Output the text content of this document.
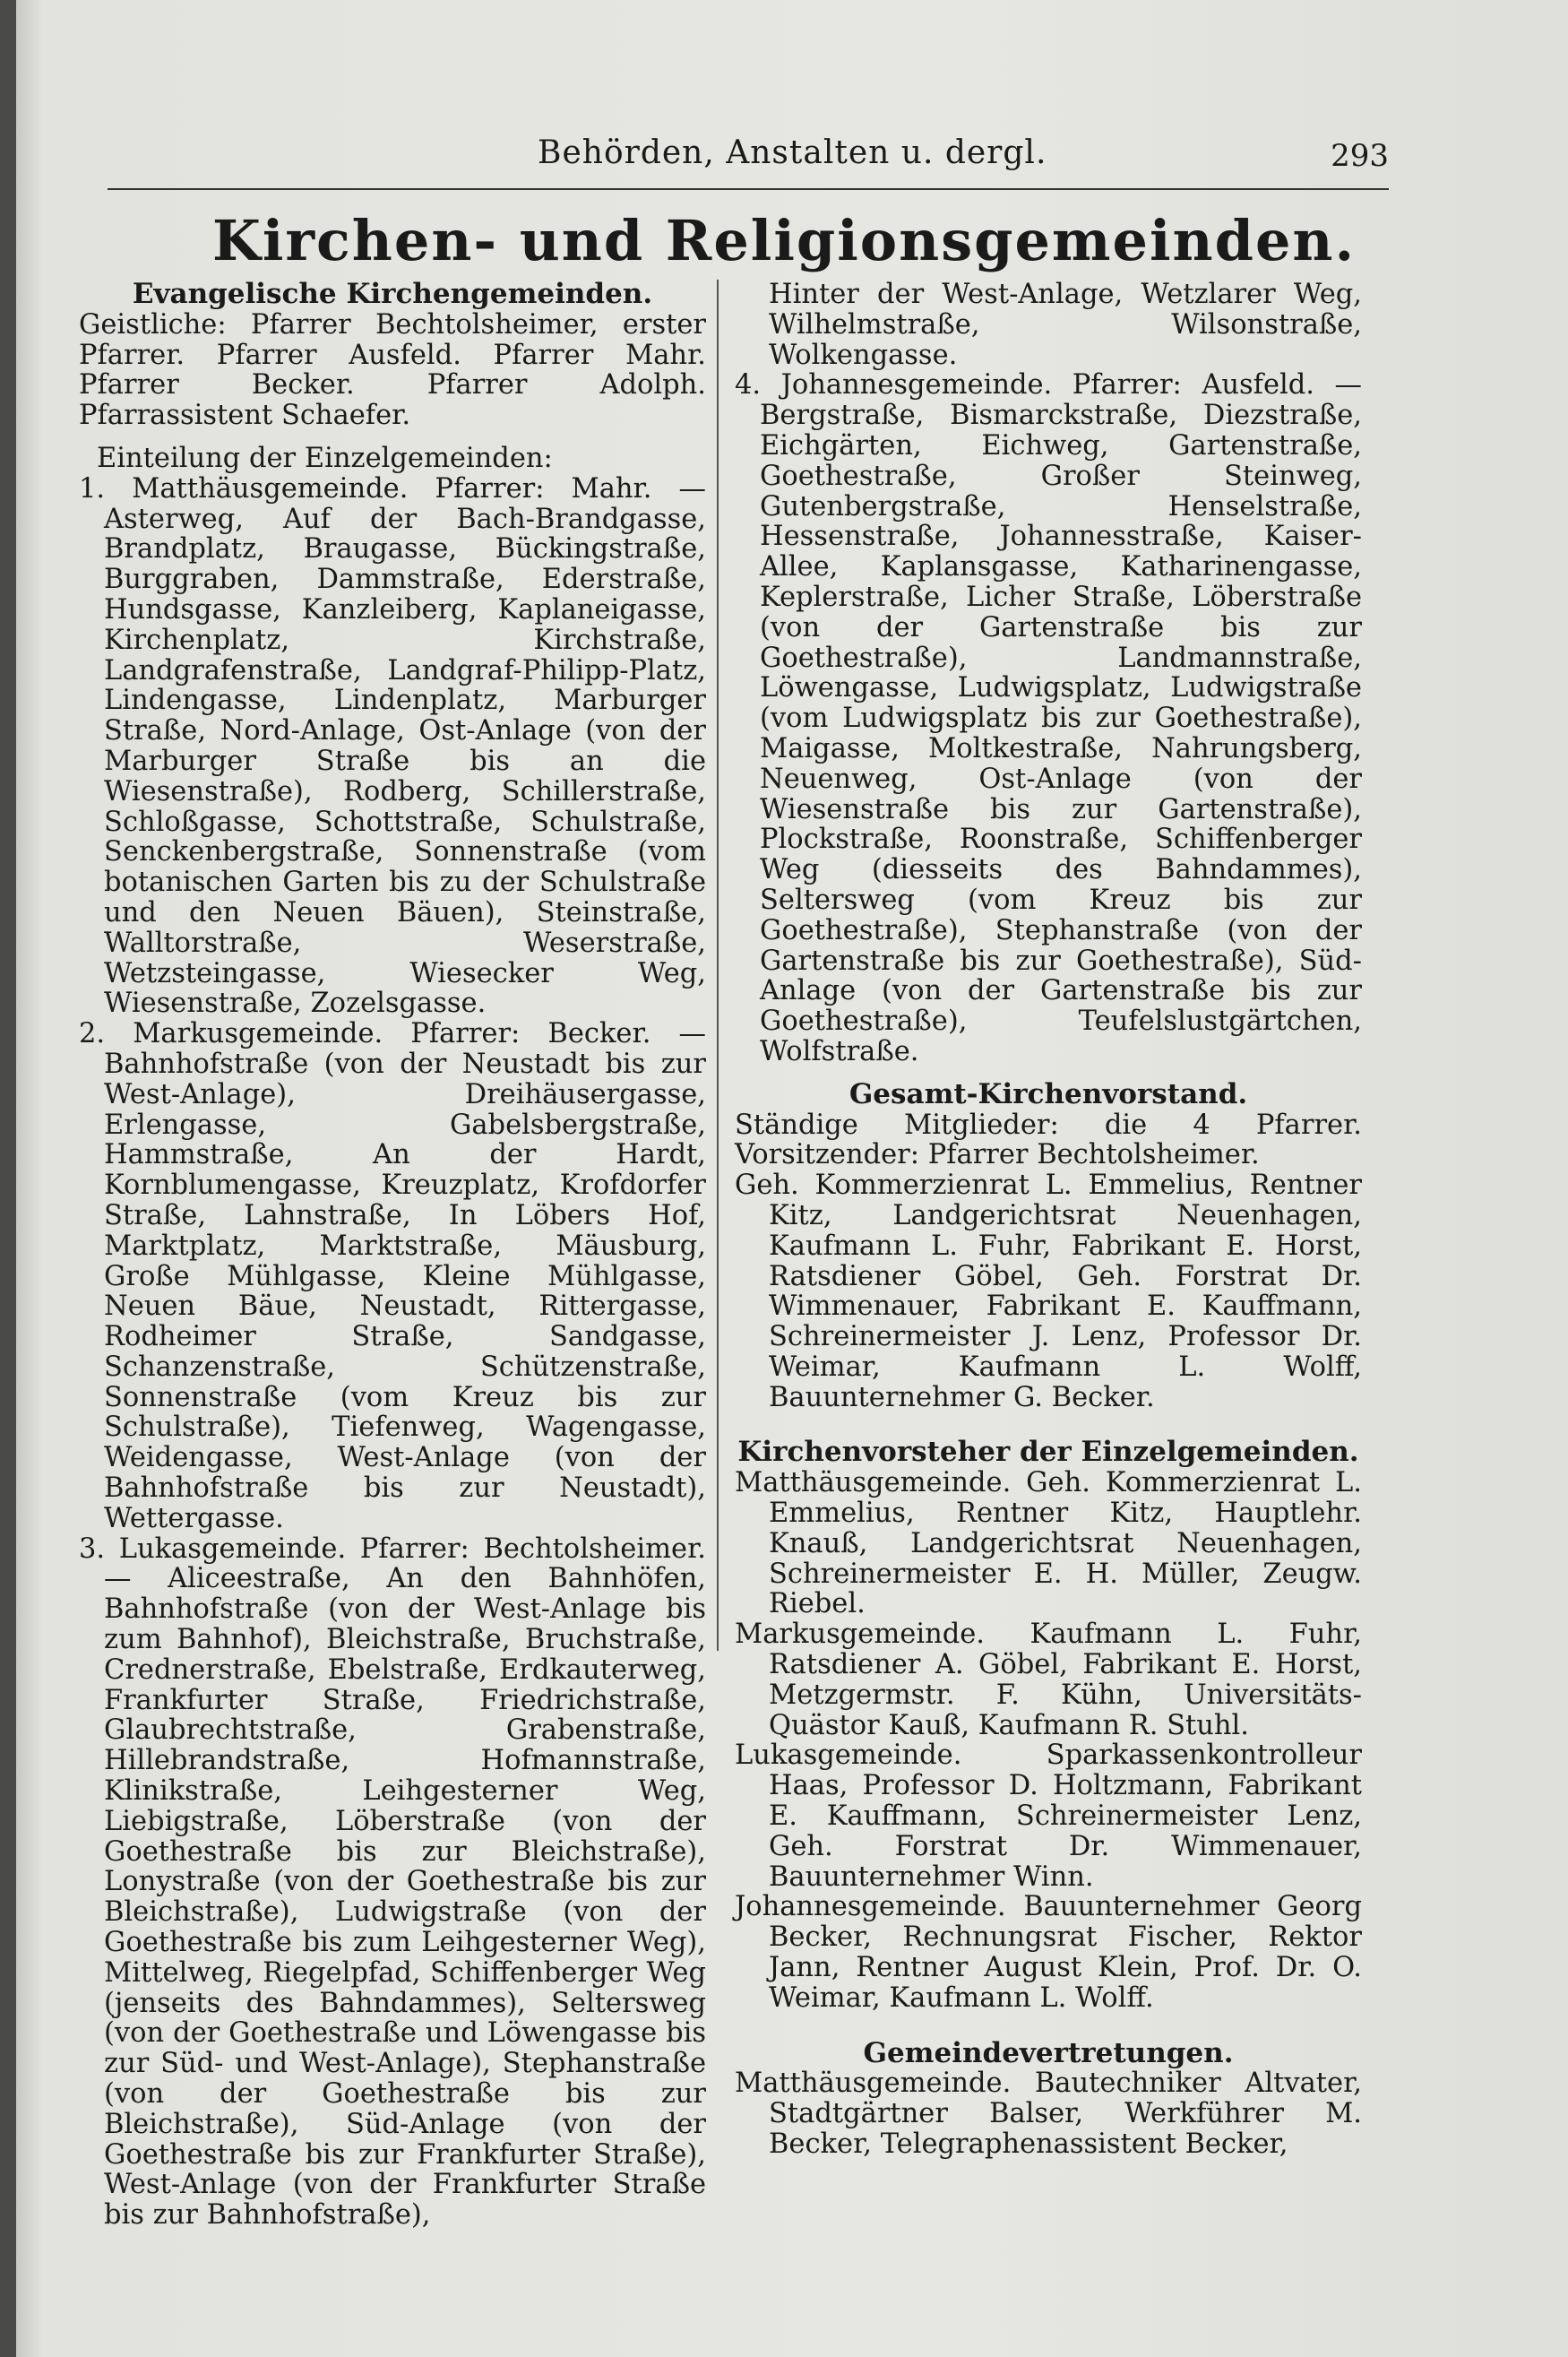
Behörden, Anstalten u. dergl.	293
Kirchen- und Religionsgemeinden.
Evangelische Kirchengemeinden.

Geistliche: Pfarrer Bechtolsheimer, erster Pfarrer. Pfarrer Ausfeld. Pfarrer Mahr. Pfarrer Becker. Pfarrer Adolph. Pfarrassistent Schaefer.

Einteilung der Einzelgemeinden:
1. Matthäusgemeinde. Pfarrer: Mahr. — Asterweg, Auf der Bach-Brandgasse, Brandplatz, Braugasse, Bückingstraße, Burggraben, Dammstraße, Ederstraße, Hundsgasse, Kanzleiberg, Kaplaneigasse, Kirchenplatz, Kirchstraße, Landgrafenstraße, Landgraf-Philipp-Platz, Lindengasse, Lindenplatz, Marburger Straße, Nord-Anlage, Ost-Anlage (von der Marburger Straße bis an die Wiesenstraße), Rodberg, Schillerstraße, Schloßgasse, Schottstraße, Schulstraße, Senckenbergstraße, Sonnenstraße (vom botanischen Garten bis zu der Schulstraße und den Neuen Bäuen), Steinstraße, Walltorstraße, Weserstraße, Wetzsteingasse, Wiesecker Weg, Wiesenstraße, Zozelsgasse.
2. Markusgemeinde. Pfarrer: Becker. — Bahnhofstraße (von der Neustadt bis zur West-Anlage), Dreihäusergasse, Erlengasse, Gabelsbergstraße, Hammstraße, An der Hardt, Kornblumengasse, Kreuzplatz, Krofdorfer Straße, Lahnstraße, In Löbers Hof, Marktplatz, Marktstraße, Mäusburg, Große Mühlgasse, Kleine Mühlgasse, Neuen Bäue, Neustadt, Rittergasse, Rodheimer Straße, Sandgasse, Schanzenstraße, Schützenstraße, Sonnenstraße (vom Kreuz bis zur Schulstraße), Tiefenweg, Wagengasse, Weidengasse, West-Anlage (von der Bahnhofstraße bis zur Neustadt), Wettergasse.
3. Lukasgemeinde. Pfarrer: Bechtolsheimer. — Aliceestraße, An den Bahnhöfen, Bahnhofstraße (von der West-Anlage bis zum Bahnhof), Bleichstraße, Bruchstraße, Crednerstraße, Ebelstraße, Erdkauterweg, Frankfurter Straße, Friedrichstraße, Glaubrechtstraße, Grabenstraße, Hillebrandstraße, Hofmannstraße, Klinikstraße, Leihgesterner Weg, Liebigstraße, Löberstraße (von der Goethestraße bis zur Bleichstraße), Lonystraße (von der Goethestraße bis zur Bleichstraße), Ludwigstraße (von der Goethestraße bis zum Leihgesterner Weg), Mittelweg, Riegelpfad, Schiffenberger Weg (jenseits des Bahndammes), Seltersweg (von der Goethestraße und Löwengasse bis zur Süd- und West-Anlage), Stephanstraße (von der Goethestraße bis zur Bleichstraße), Süd-Anlage (von der Goethestraße bis zur Frankfurter Straße), West-Anlage (von der Frankfurter Straße bis zur Bahnhofstraße),

Hinter der West-Anlage, Wetzlarer Weg, Wilhelmstraße, Wilsonstraße, Wolkengasse.

4. Johannesgemeinde. Pfarrer: Ausfeld. — Bergstraße, Bismarckstraße, Diezstraße, Eichgärten, Eichweg, Gartenstraße, Goethestraße, Großer Steinweg, Gutenbergstraße, Henselstraße, Hessenstraße, Johannesstraße, Kaiser-Allee, Kaplansgasse, Katharinengasse, Keplerstraße, Licher Straße, Löberstraße (von der Gartenstraße bis zur Goethestraße), Landmannstraße, Löwengasse, Ludwigsplatz, Ludwigstraße (vom Ludwigsplatz bis zur Goethestraße), Maigasse, Moltkestraße, Nahrungsberg, Neuenweg, Ost-Anlage (von der Wiesenstraße bis zur Gartenstraße), Plockstraße, Roonstraße, Schiffenberger Weg (diesseits des Bahndammes), Seltersweg (vom Kreuz bis zur Goethestraße), Stephanstraße (von der Gartenstraße bis zur Goethestraße), Süd-Anlage (von der Gartenstraße bis zur Goethestraße), Teufelslustgärtchen, Wolfstraße.
Gesamt-Kirchenvorstand.

Ständige Mitglieder: die 4 Pfarrer. Vorsitzender: Pfarrer Bechtolsheimer.

Geh. Kommerzienrat L. Emmelius, Rentner Kitz, Landgerichtsrat Neuenhagen, Kaufmann L. Fuhr, Fabrikant E. Horst, Ratsdiener Göbel, Geh. Forstrat Dr. Wimmenauer, Fabrikant E. Kauffmann, Schreinermeister J. Lenz, Professor Dr. Weimar, Kaufmann L. Wolff, Bauunternehmer G. Becker.

Kirchenvorsteher der Einzelgemeinden.

Matthäusgemeinde. Geh. Kommerzienrat L. Emmelius, Rentner Kitz, Hauptlehr. Knauß, Landgerichtsrat Neuenhagen, Schreinermeister E. H. Müller, Zeugw. Riebel.

Markusgemeinde. Kaufmann L. Fuhr, Ratsdiener A. Göbel, Fabrikant E. Horst, Metzgermstr. F. Kühn, Universitäts-Quästor Kauß, Kaufmann R. Stuhl.

Lukasgemeinde. Sparkassenkontrolleur Haas, Professor D. Holtzmann, Fabrikant E. Kauffmann, Schreinermeister Lenz, Geh. Forstrat Dr. Wimmenauer, Bauunternehmer Winn.

Johannesgemeinde. Bauunternehmer Georg Becker, Rechnungsrat Fischer, Rektor Jann, Rentner August Klein, Prof. Dr. O. Weimar, Kaufmann L. Wolff.

Gemeindevertretungen.

Matthäusgemeinde. Bautechniker Altvater, Stadtgärtner Balser, Werkführer M. Becker, Telegraphenassistent Becker,
